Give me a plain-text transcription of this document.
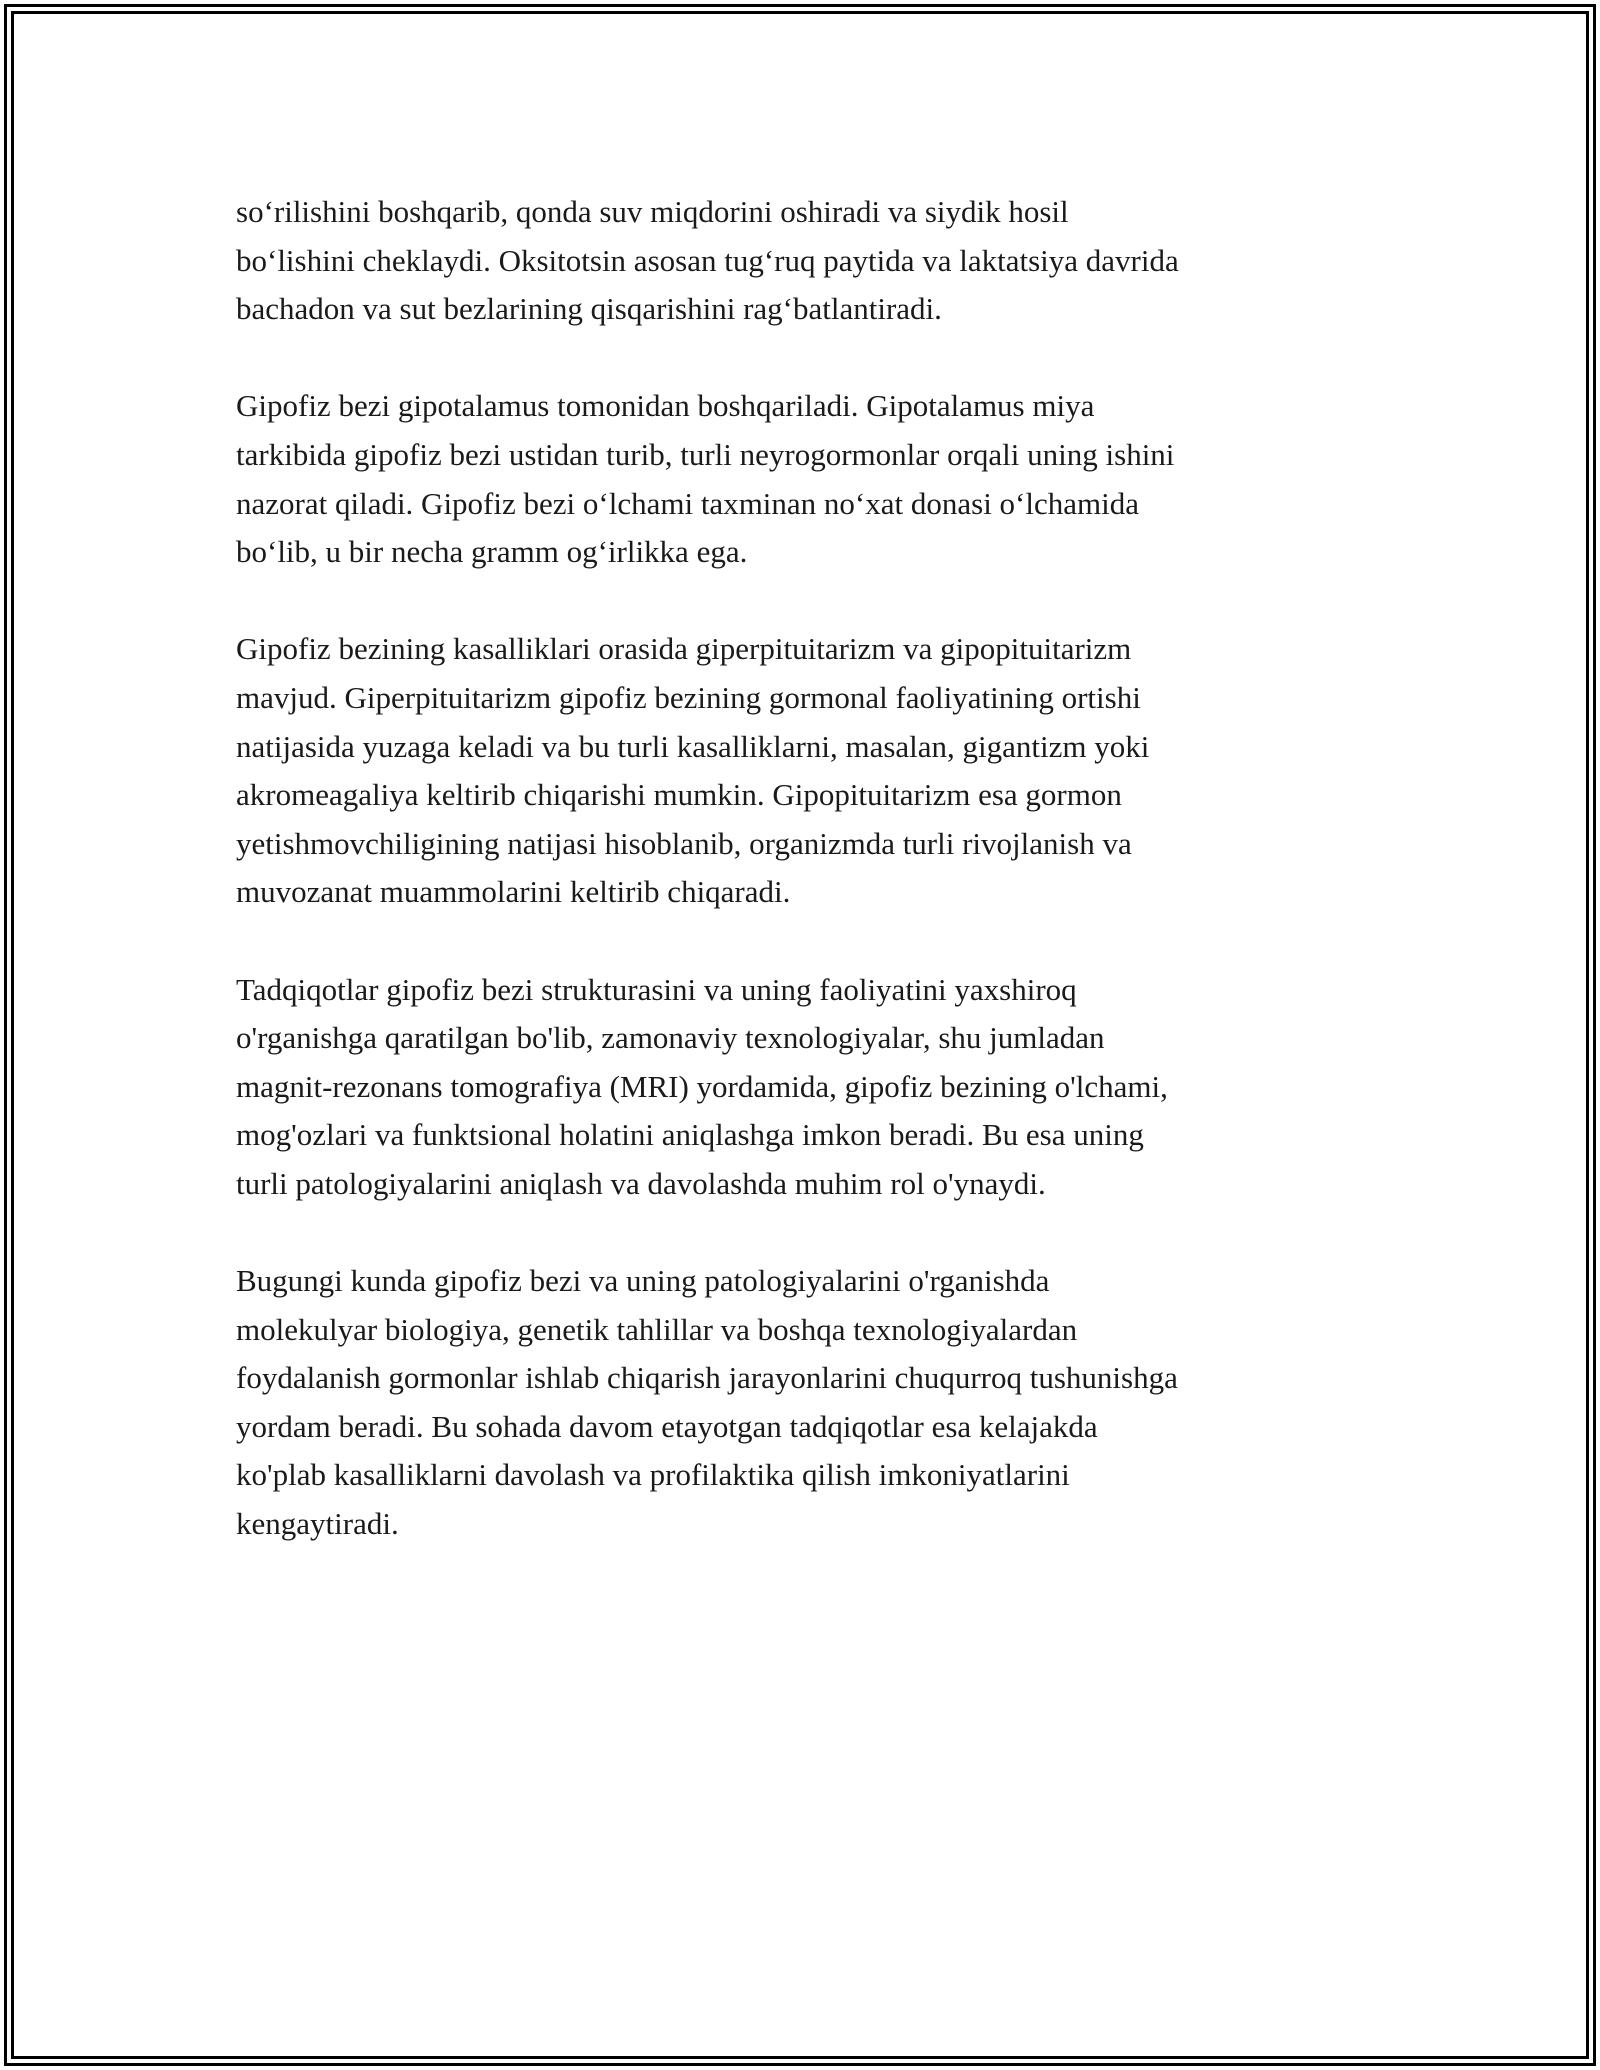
so‘rilishini boshqarib, qonda suv miqdorini oshiradi va siydik hosil
bo‘lishini cheklaydi. Oksitotsin asosan tug‘ruq paytida va laktatsiya davrida
bachadon va sut bezlarining qisqarishini rag‘batlantiradi.

Gipofiz bezi gipotalamus tomonidan boshqariladi. Gipotalamus miya
tarkibida gipofiz bezi ustidan turib, turli neyrogormonlar orqali uning ishini
nazorat qiladi. Gipofiz bezi o‘lchami taxminan no‘xat donasi o‘lchamida
bo‘lib, u bir necha gramm og‘irlikka ega.

Gipofiz bezining kasalliklari orasida giperpituitarizm va gipopituitarizm
mavjud. Giperpituitarizm gipofiz bezining gormonal faoliyatining ortishi
natijasida yuzaga keladi va bu turli kasalliklarni, masalan, gigantizm yoki
akromeagaliya keltirib chiqarishi mumkin. Gipopituitarizm esa gormon
yetishmovchiligining natijasi hisoblanib, organizmda turli rivojlanish va
muvozanat muammolarini keltirib chiqaradi.

Tadqiqotlar gipofiz bezi strukturasini va uning faoliyatini yaxshiroq
o'rganishga qaratilgan bo'lib, zamonaviy texnologiyalar, shu jumladan
magnit-rezonans tomografiya (MRI) yordamida, gipofiz bezining o'lchami,
mog'ozlari va funktsional holatini aniqlashga imkon beradi. Bu esa uning
turli patologiyalarini aniqlash va davolashda muhim rol o'ynaydi.

Bugungi kunda gipofiz bezi va uning patologiyalarini o'rganishda
molekulyar biologiya, genetik tahlillar va boshqa texnologiyalardan
foydalanish gormonlar ishlab chiqarish jarayonlarini chuqurroq tushunishga
yordam beradi. Bu sohada davom etayotgan tadqiqotlar esa kelajakda
ko'plab kasalliklarni davolash va profilaktika qilish imkoniyatlarini
kengaytiradi.
